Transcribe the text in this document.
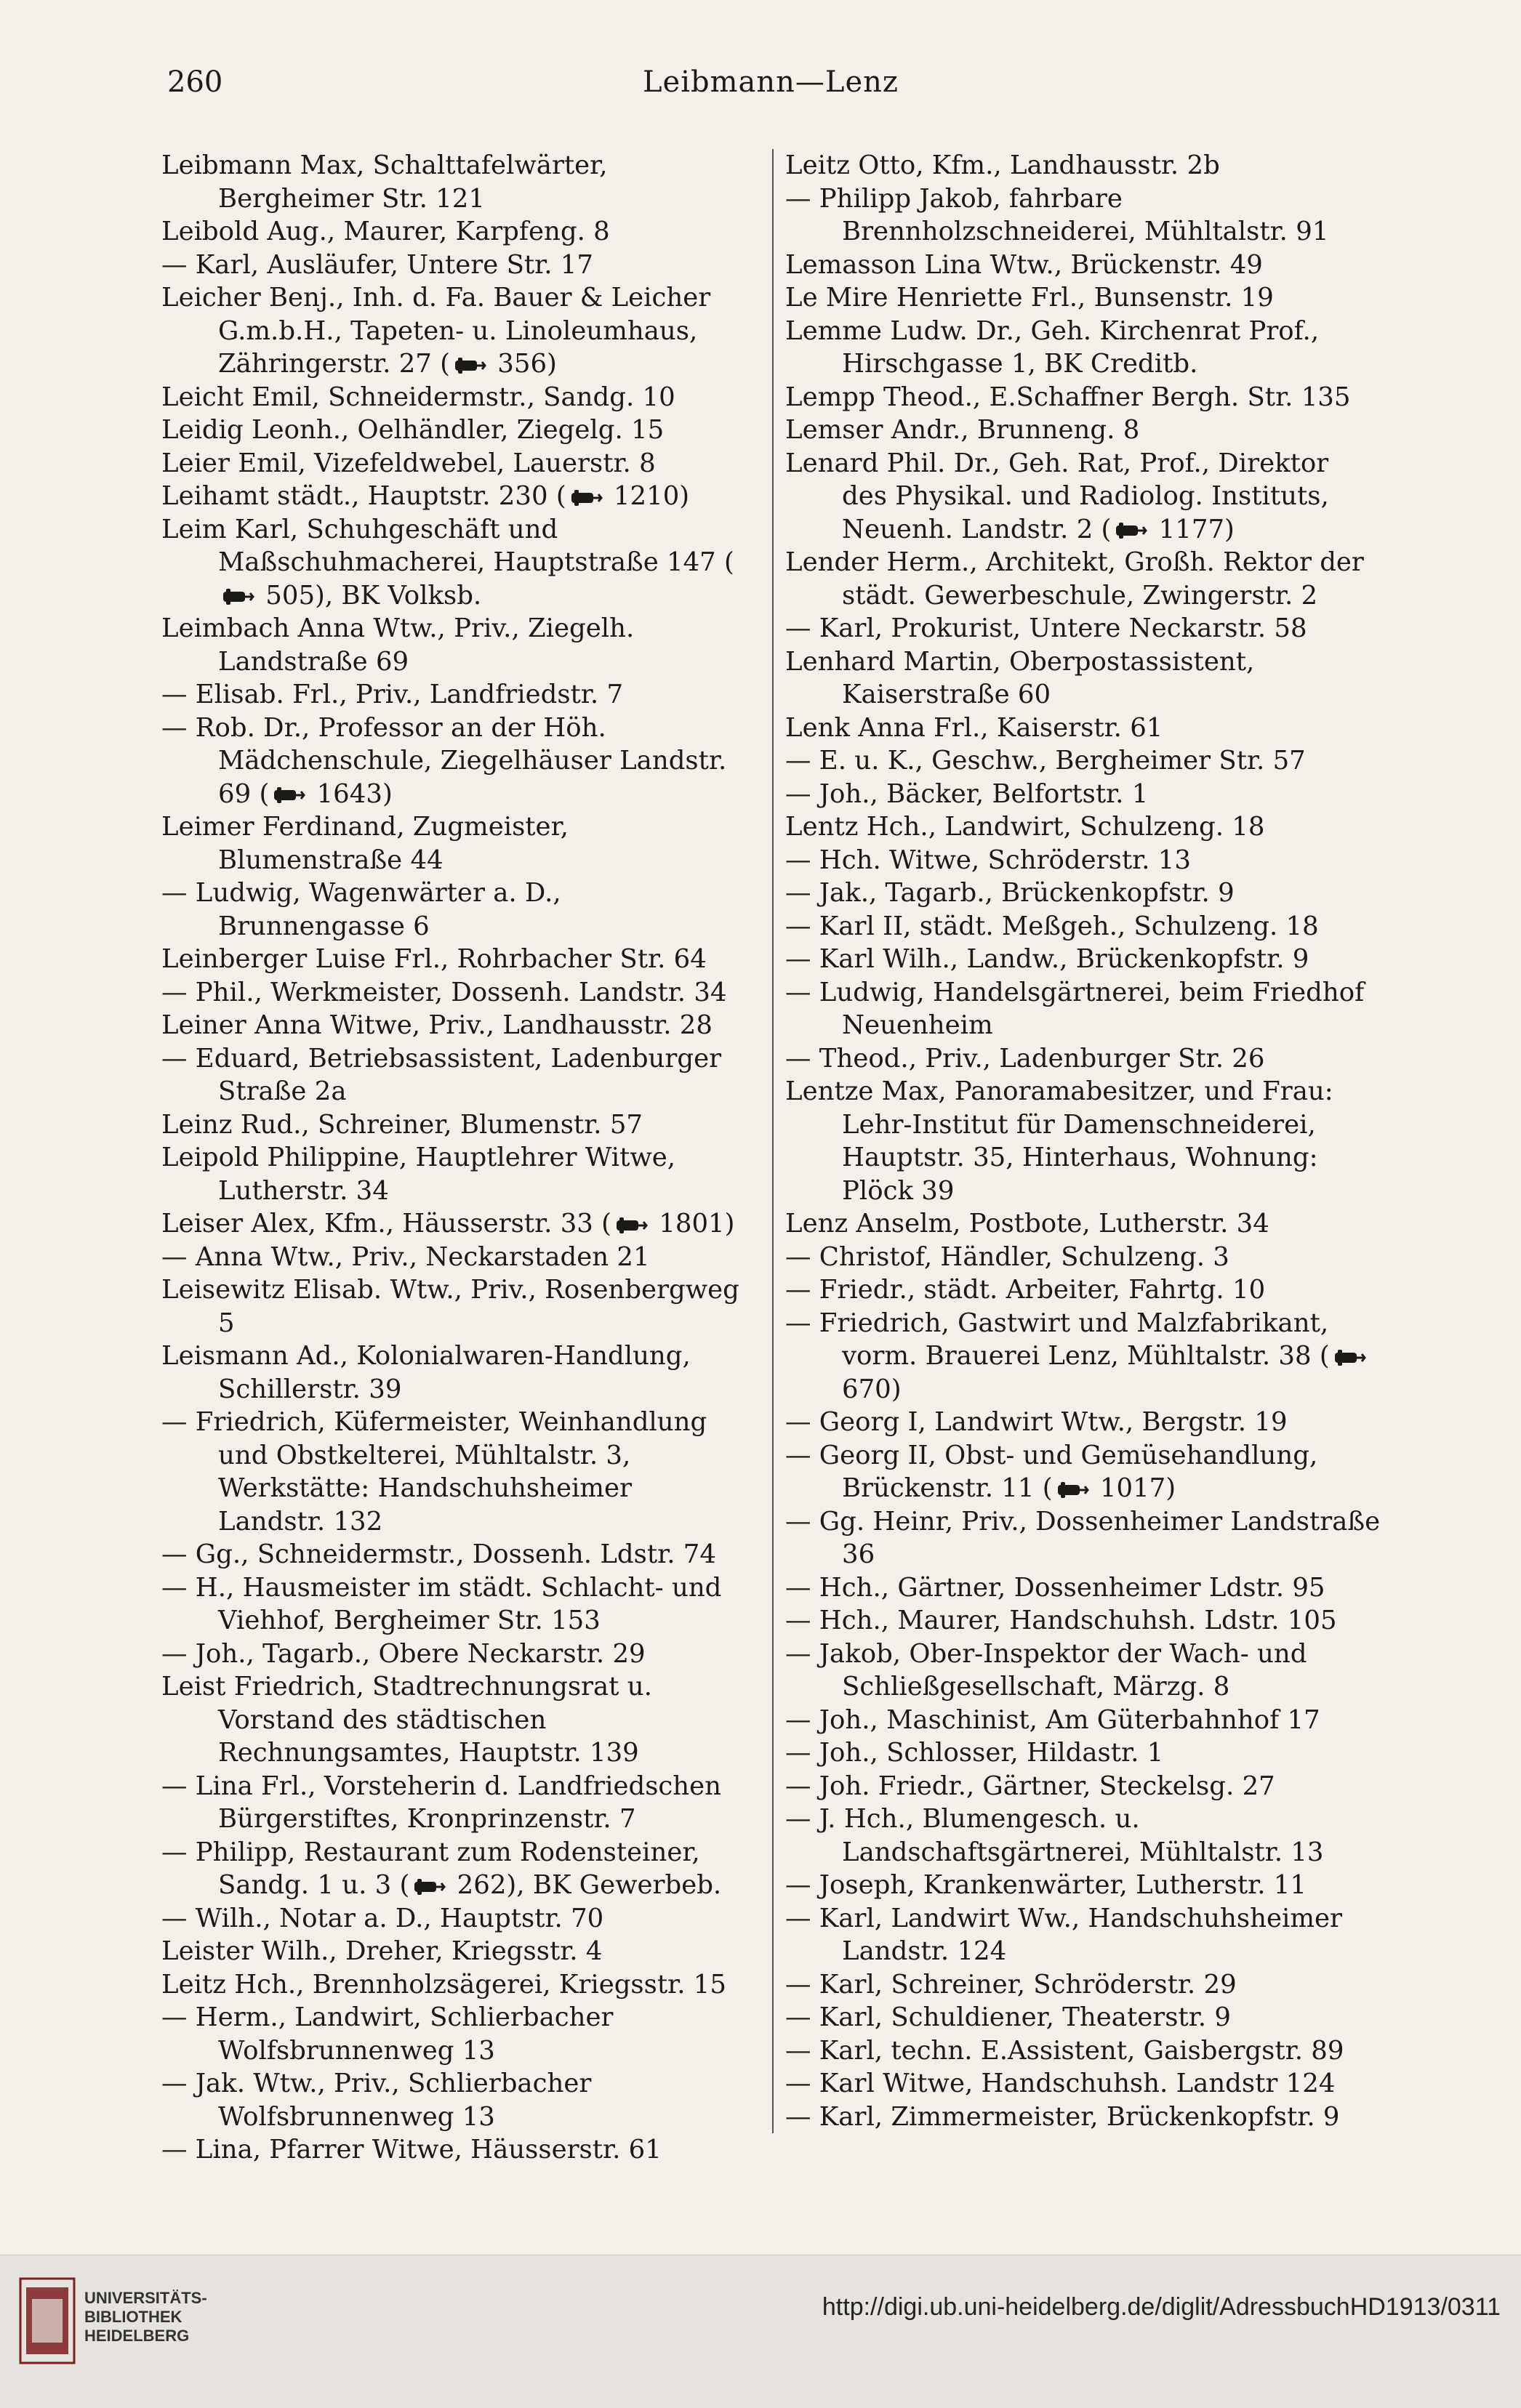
260	Leibmann—Lenz
Leibmann Max, Schalttafelwärter, Bergheimer Str. 121
Leibold Aug., Maurer, Karpfeng. 8
— Karl, Ausläufer, Untere Str. 17
Leicher Benj., Inh. d. Fa. Bauer & Leicher G.m.b.H., Tapeten- u. Linoleumhaus, Zähringerstr. 27 ( 356)
Leicht Emil, Schneidermstr., Sandg. 10
Leidig Leonh., Oelhändler, Ziegelg. 15
Leier Emil, Vizefeldwebel, Lauerstr. 8
Leihamt städt., Hauptstr. 230 ( 1210)
Leim Karl, Schuhgeschäft und Maßschuhmacherei, Hauptstraße 147 ( 505), BK Volksb.
Leimbach Anna Wtw., Priv., Ziegelh. Landstraße 69
— Elisab. Frl., Priv., Landfriedstr. 7
— Rob. Dr., Professor an der Höh. Mädchenschule, Ziegelhäuser Landstr. 69 ( 1643)
Leimer Ferdinand, Zugmeister, Blumenstraße 44
— Ludwig, Wagenwärter a. D., Brunnengasse 6
Leinberger Luise Frl., Rohrbacher Str. 64
— Phil., Werkmeister, Dossenh. Landstr. 34
Leiner Anna Witwe, Priv., Landhausstr. 28
— Eduard, Betriebsassistent, Ladenburger Straße 2a
Leinz Rud., Schreiner, Blumenstr. 57
Leipold Philippine, Hauptlehrer Witwe, Lutherstr. 34
Leiser Alex, Kfm., Häusserstr. 33 ( 1801)
— Anna Wtw., Priv., Neckarstaden 21
Leisewitz Elisab. Wtw., Priv., Rosenbergweg 5
Leismann Ad., Kolonialwaren-Handlung, Schillerstr. 39
— Friedrich, Küfermeister, Weinhandlung und Obstkelterei, Mühltalstr. 3, Werkstätte: Handschuhsheimer Landstr. 132
— Gg., Schneidermstr., Dossenh. Ldstr. 74
— H., Hausmeister im städt. Schlacht- und Viehhof, Bergheimer Str. 153
— Joh., Tagarb., Obere Neckarstr. 29
Leist Friedrich, Stadtrechnungsrat u. Vorstand des städtischen Rechnungsamtes, Hauptstr. 139
— Lina Frl., Vorsteherin d. Landfriedschen Bürgerstiftes, Kronprinzenstr. 7
— Philipp, Restaurant zum Rodensteiner, Sandg. 1 u. 3 ( 262), BK Gewerbeb.
— Wilh., Notar a. D., Hauptstr. 70
Leister Wilh., Dreher, Kriegsstr. 4
Leitz Hch., Brennholzsägerei, Kriegsstr. 15
— Herm., Landwirt, Schlierbacher Wolfsbrunnenweg 13
— Jak. Wtw., Priv., Schlierbacher Wolfsbrunnenweg 13
— Lina, Pfarrer Witwe, Häusserstr. 61
Leitz Otto, Kfm., Landhausstr. 2b
— Philipp Jakob, fahrbare Brennholzschneiderei, Mühltalstr. 91
Lemasson Lina Wtw., Brückenstr. 49
Le Mire Henriette Frl., Bunsenstr. 19
Lemme Ludw. Dr., Geh. Kirchenrat Prof., Hirschgasse 1, BK Creditb.
Lempp Theod., E.Schaffner Bergh. Str. 135
Lemser Andr., Brunneng. 8
Lenard Phil. Dr., Geh. Rat, Prof., Direktor des Physikal. und Radiolog. Instituts, Neuenh. Landstr. 2 ( 1177)
Lender Herm., Architekt, Großh. Rektor der städt. Gewerbeschule, Zwingerstr. 2
— Karl, Prokurist, Untere Neckarstr. 58
Lenhard Martin, Oberpostassistent, Kaiserstraße 60
Lenk Anna Frl., Kaiserstr. 61
— E. u. K., Geschw., Bergheimer Str. 57
— Joh., Bäcker, Belfortstr. 1
Lentz Hch., Landwirt, Schulzeng. 18
— Hch. Witwe, Schröderstr. 13
— Jak., Tagarb., Brückenkopfstr. 9
— Karl II, städt. Meßgeh., Schulzeng. 18
— Karl Wilh., Landw., Brückenkopfstr. 9
— Ludwig, Handelsgärtnerei, beim Friedhof Neuenheim
— Theod., Priv., Ladenburger Str. 26
Lentze Max, Panoramabesitzer, und Frau: Lehr-Institut für Damenschneiderei, Hauptstr. 35, Hinterhaus, Wohnung: Plöck 39
Lenz Anselm, Postbote, Lutherstr. 34
— Christof, Händler, Schulzeng. 3
— Friedr., städt. Arbeiter, Fahrtg. 10
— Friedrich, Gastwirt und Malzfabrikant, vorm. Brauerei Lenz, Mühltalstr. 38 ( 670)
— Georg I, Landwirt Wtw., Bergstr. 19
— Georg II, Obst- und Gemüsehandlung, Brückenstr. 11 ( 1017)
— Gg. Heinr, Priv., Dossenheimer Landstraße 36
— Hch., Gärtner, Dossenheimer Ldstr. 95
— Hch., Maurer, Handschuhsh. Ldstr. 105
— Jakob, Ober-Inspektor der Wach- und Schließgesellschaft, Märzg. 8
— Joh., Maschinist, Am Güterbahnhof 17
— Joh., Schlosser, Hildastr. 1
— Joh. Friedr., Gärtner, Steckelsg. 27
— J. Hch., Blumengesch. u. Landschaftsgärtnerei, Mühltalstr. 13
— Joseph, Krankenwärter, Lutherstr. 11
— Karl, Landwirt Ww., Handschuhsheimer Landstr. 124
— Karl, Schreiner, Schröderstr. 29
— Karl, Schuldiener, Theaterstr. 9
— Karl, techn. E.Assistent, Gaisbergstr. 89
— Karl Witwe, Handschuhsh. Landstr 124
— Karl, Zimmermeister, Brückenkopfstr. 9
UNIVERSITÄTS-
BIBLIOTHEK
HEIDELBERG
http://digi.ub.uni-heidelberg.de/diglit/AdressbuchHD1913/0311
